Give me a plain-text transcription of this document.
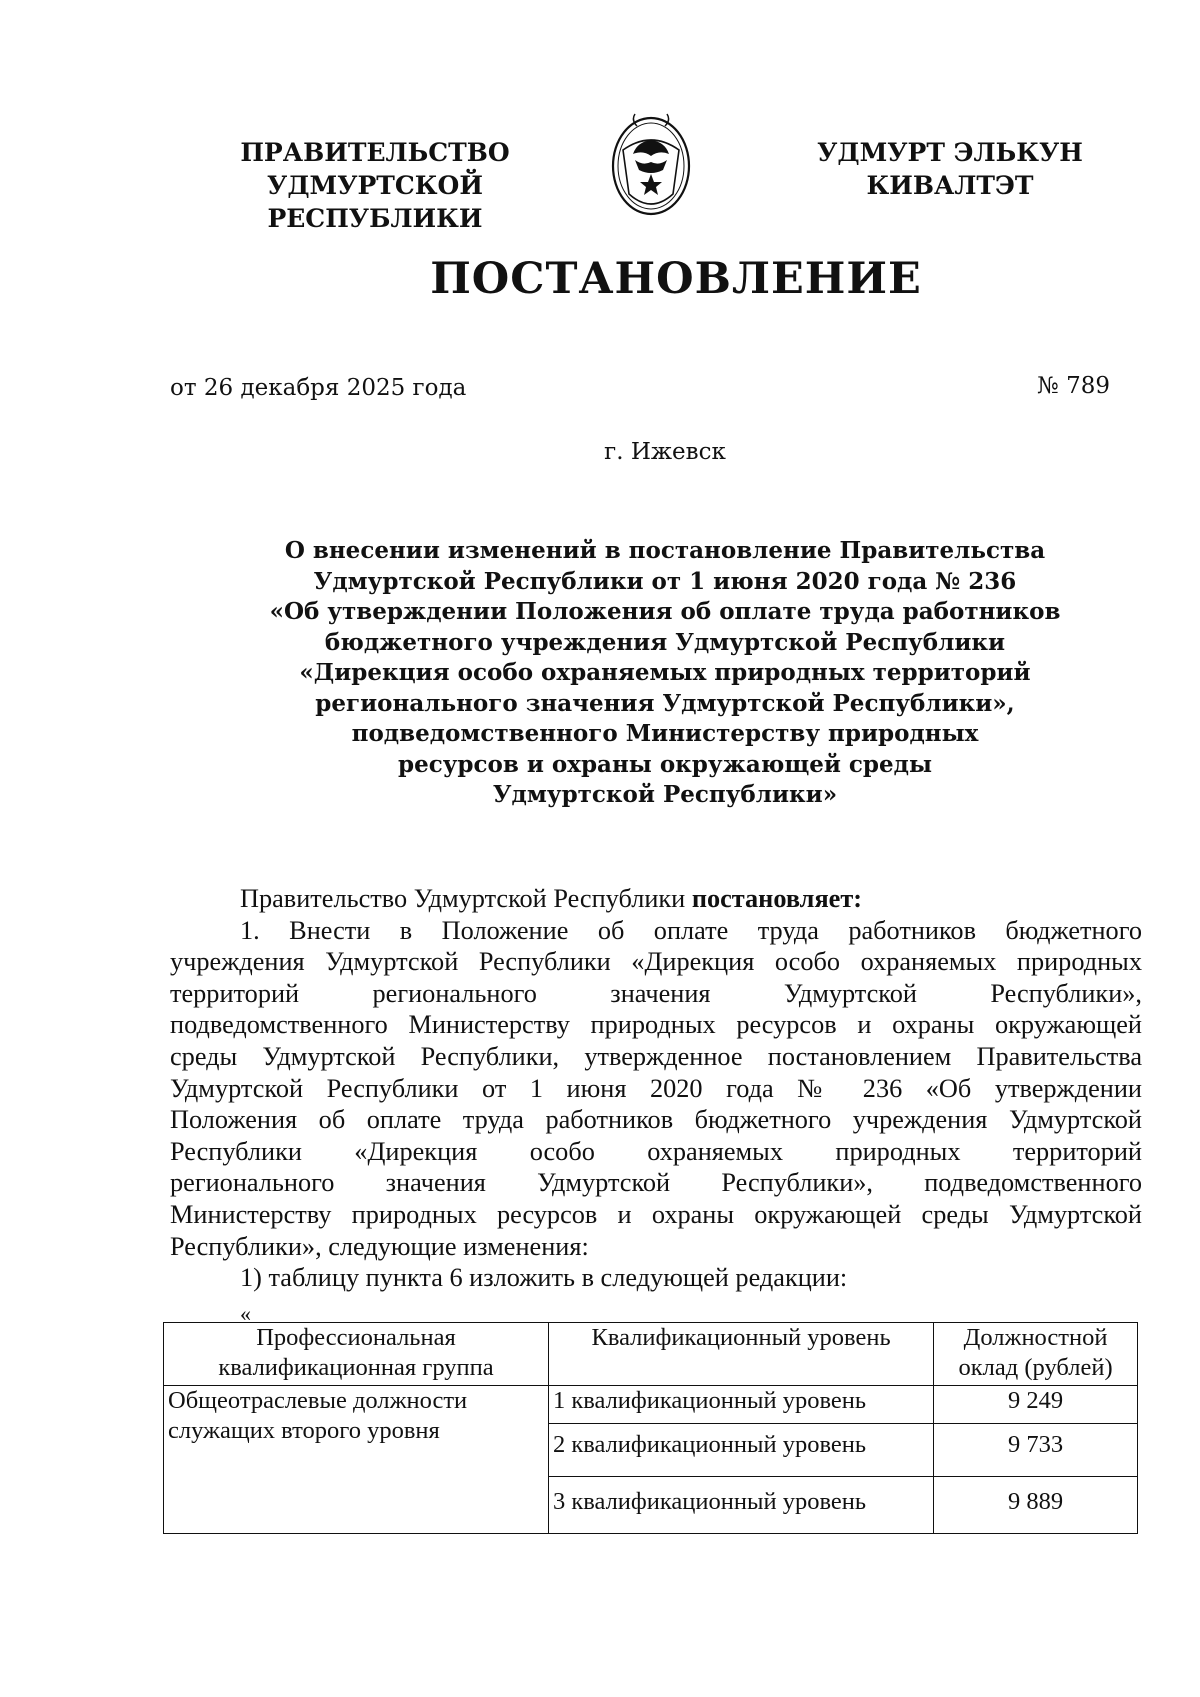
ПРАВИТЕЛЬСТВО
УДМУРТСКОЙ РЕСПУБЛИКИ
УДМУРТ ЭЛЬКУН
КИВАЛТЭТ
ПОСТАНОВЛЕНИЕ
от 26 декабря 2025 года	№ 789
г. Ижевск
О внесении изменений в постановление Правительства
Удмуртской Республики от 1 июня 2020 года № 236
«Об утверждении Положения об оплате труда работников
бюджетного учреждения Удмуртской Республики
«Дирекция особо охраняемых природных территорий
регионального значения Удмуртской Республики»,
подведомственного Министерству природных
ресурсов и охраны окружающей среды
Удмуртской Республики»
Правительство Удмуртской Республики постановляет:
1. Внести в Положение об оплате труда работников бюджетного
учреждения Удмуртской Республики «Дирекция особо охраняемых природных
территорий регионального значения Удмуртской Республики»,
подведомственного Министерству природных ресурсов и охраны окружающей
среды Удмуртской Республики, утвержденное постановлением Правительства
Удмуртской Республики от 1 июня 2020 года № 236 «Об утверждении
Положения об оплате труда работников бюджетного учреждения Удмуртской
Республики «Дирекция особо охраняемых природных территорий
регионального значения Удмуртской Республики», подведомственного
Министерству природных ресурсов и охраны окружающей среды Удмуртской
Республики», следующие изменения:
1) таблицу пункта 6 изложить в следующей редакции:
«
Профессиональная квалификационная группа	Квалификационный уровень	Должностной оклад (рублей)
Общеотраслевые должности служащих второго уровня	1 квалификационный уровень	9 249
	2 квалификационный уровень	9 733
	3 квалификационный уровень	9 889
